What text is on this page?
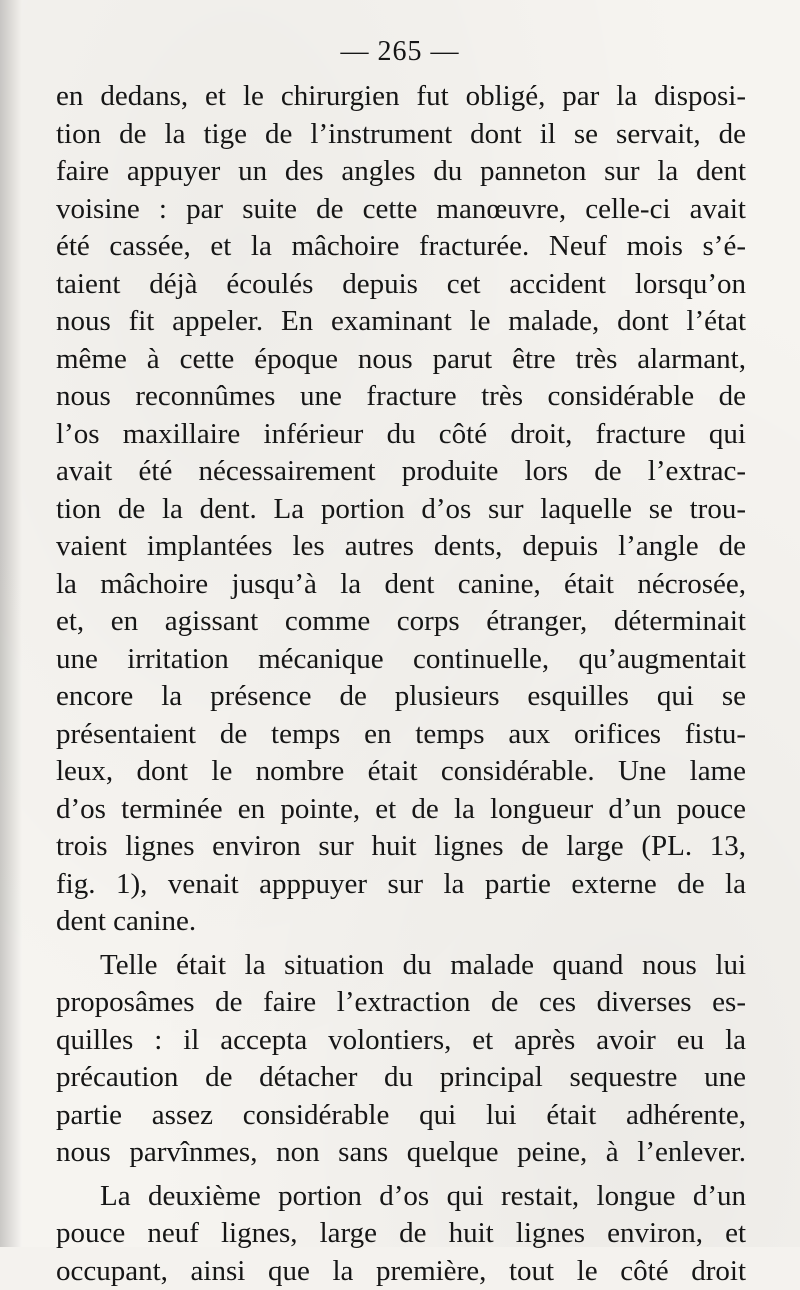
— 265 —
en dedans, et le chirurgien fut obligé, par la disposi-
tion de la tige de l’instrument dont il se servait, de
faire appuyer un des angles du panneton sur la dent
voisine : par suite de cette manœuvre, celle-ci avait
été cassée, et la mâchoire fracturée. Neuf mois s’é-
taient déjà écoulés depuis cet accident lorsqu’on
nous fit appeler. En examinant le malade, dont l’état
même à cette époque nous parut être très alarmant,
nous reconnûmes une fracture très considérable de
l’os maxillaire inférieur du côté droit, fracture qui
avait été nécessairement produite lors de l’extrac-
tion de la dent. La portion d’os sur laquelle se trou-
vaient implantées les autres dents, depuis l’angle de
la mâchoire jusqu’à la dent canine, était nécrosée,
et, en agissant comme corps étranger, déterminait
une irritation mécanique continuelle, qu’augmentait
encore la présence de plusieurs esquilles qui se
présentaient de temps en temps aux orifices fistu-
leux, dont le nombre était considérable. Une lame
d’os terminée en pointe, et de la longueur d’un pouce
trois lignes environ sur huit lignes de large (PL. 13,
fig. 1), venait apppuyer sur la partie externe de la
dent canine.
Telle était la situation du malade quand nous lui
proposâmes de faire l’extraction de ces diverses es-
quilles : il accepta volontiers, et après avoir eu la
précaution de détacher du principal sequestre une
partie assez considérable qui lui était adhérente,
nous parvînmes, non sans quelque peine, à l’enlever.
La deuxième portion d’os qui restait, longue d’un
pouce neuf lignes, large de huit lignes environ, et
occupant, ainsi que la première, tout le côté droit
